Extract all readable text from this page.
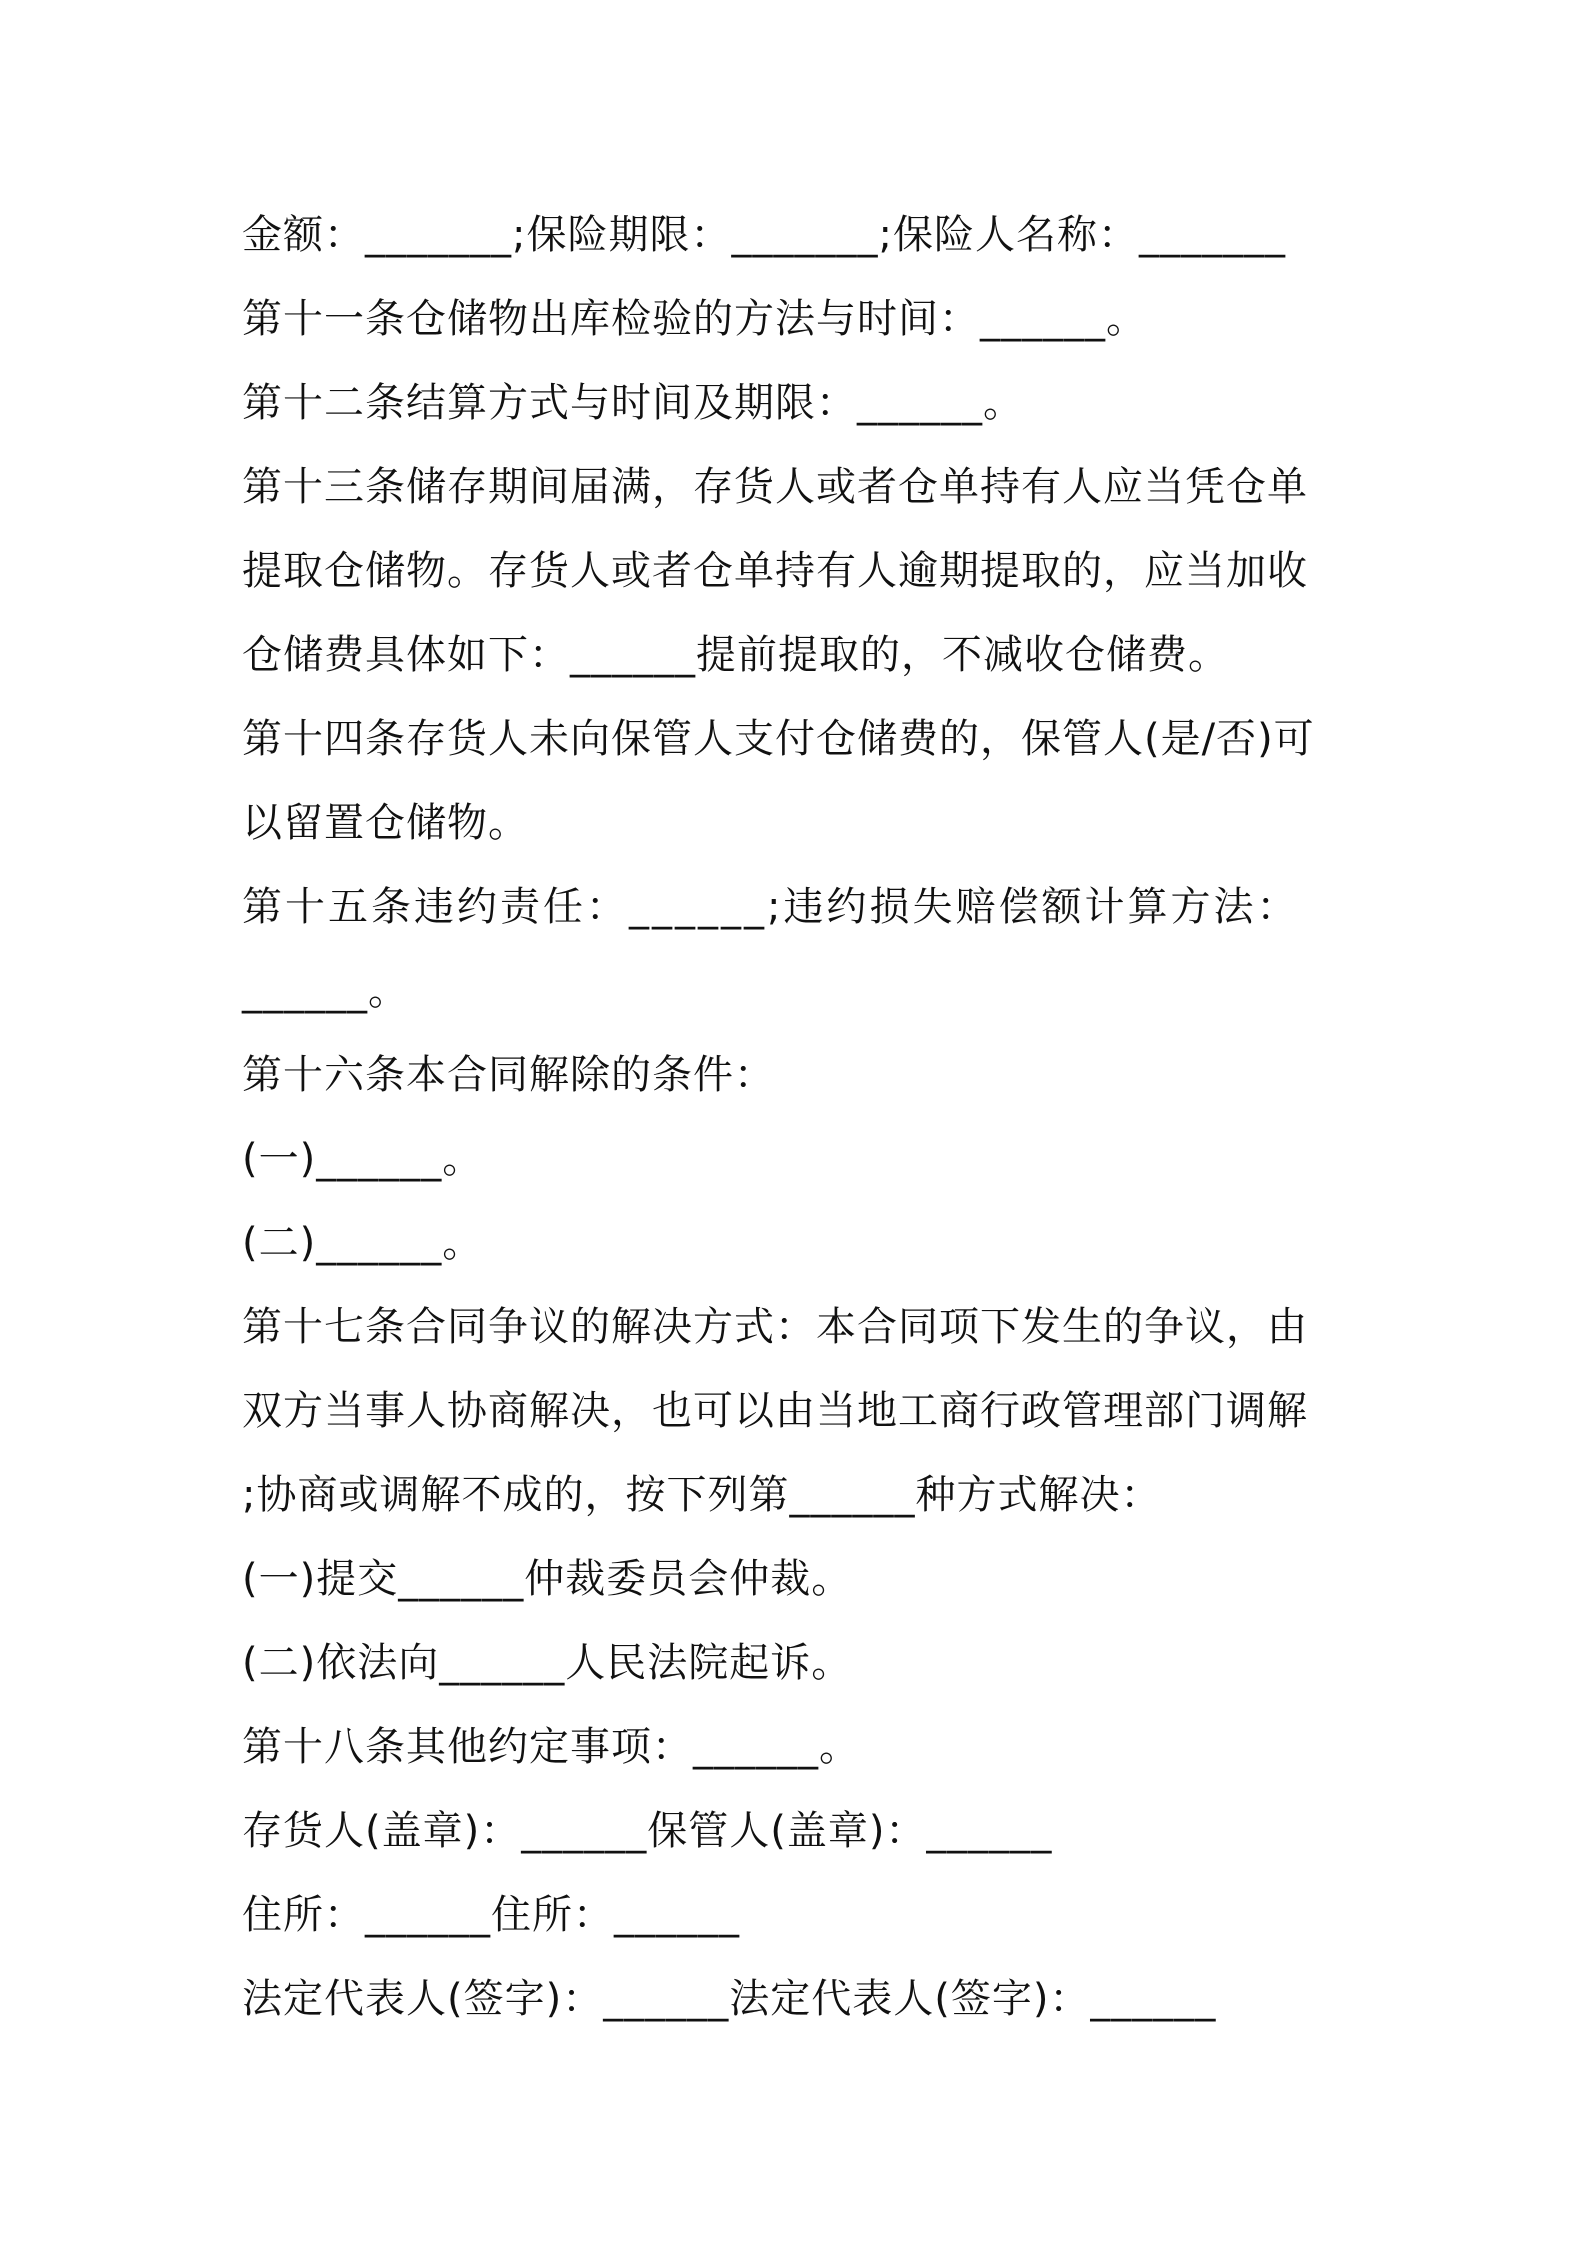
金额：_______;保险期限：_______;保险人名称：_______
第十一条仓储物出库检验的方法与时间：______。
第十二条结算方式与时间及期限：______。
第十三条储存期间届满，存货人或者仓单持有人应当凭仓单
提取仓储物。存货人或者仓单持有人逾期提取的，应当加收
仓储费具体如下：______提前提取的，不减收仓储费。
第十四条存货人未向保管人支付仓储费的，保管人(是/否)可
以留置仓储物。
第十五条违约责任：______;违约损失赔偿额计算方法：
______。
第十六条本合同解除的条件：
(一)______。
(二)______。
第十七条合同争议的解决方式：本合同项下发生的争议，由
双方当事人协商解决，也可以由当地工商行政管理部门调解
;协商或调解不成的，按下列第______种方式解决：
(一)提交______仲裁委员会仲裁。
(二)依法向______人民法院起诉。
第十八条其他约定事项：______。
存货人(盖章)：______保管人(盖章)：______
住所：______住所：______
法定代表人(签字)：______法定代表人(签字)：______
